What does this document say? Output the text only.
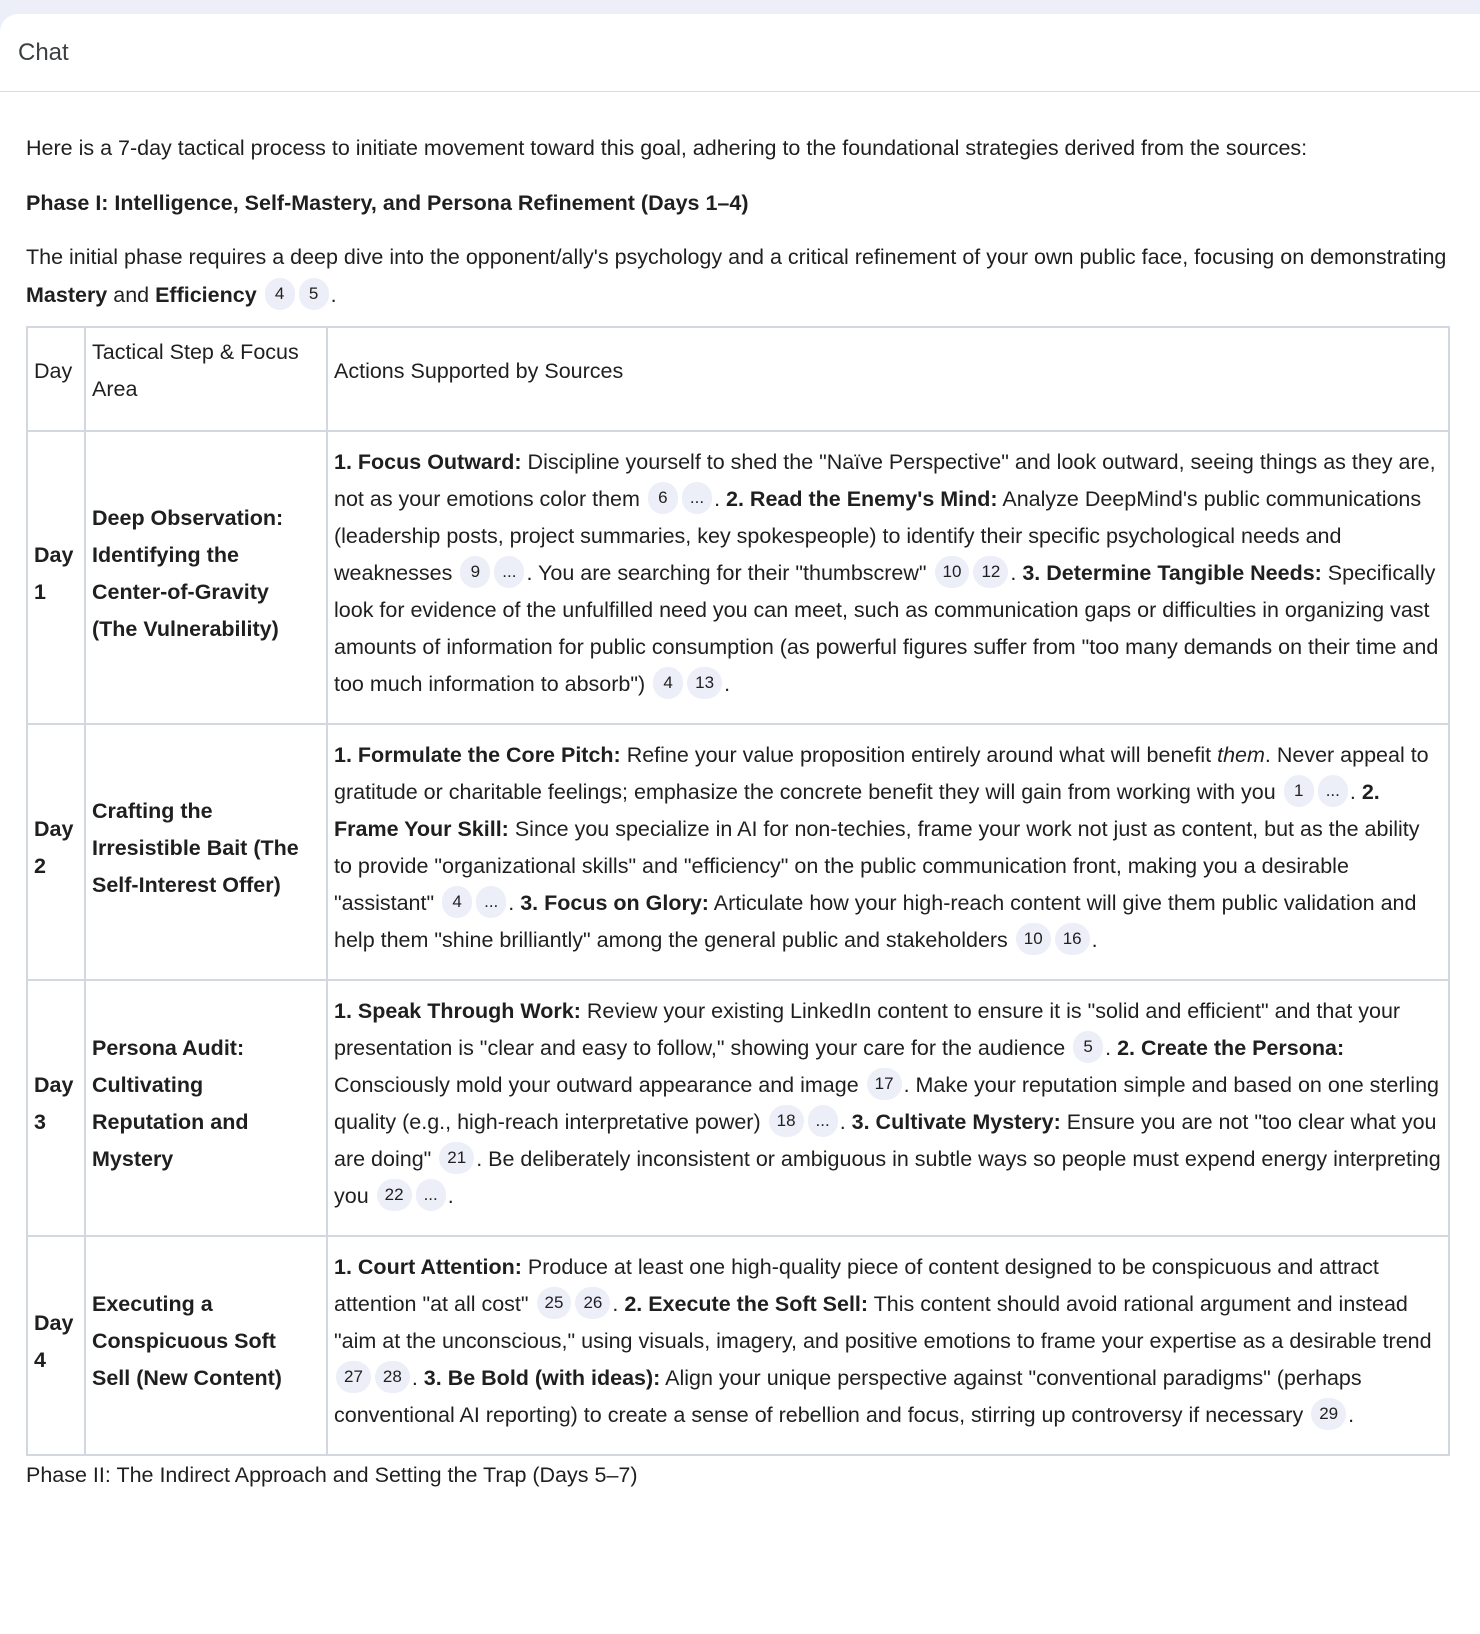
Chat

Here is a 7-day tactical process to initiate movement toward this goal, adhering to the foundational strategies derived from the sources:

Phase I: Intelligence, Self-Mastery, and Persona Refinement (Days 1–4)

The initial phase requires a deep dive into the opponent/ally's psychology and a critical refinement of your own public face, focusing on demonstrating Mastery and Efficiency 4 5 .

Day	Tactical Step & Focus Area	Actions Supported by Sources
Day 1	Deep Observation: Identifying the Center-of-Gravity (The Vulnerability)	1. Focus Outward: Discipline yourself to shed the "Naïve Perspective" and look outward, seeing things as they are, not as your emotions color them 6 ... . 2. Read the Enemy's Mind: Analyze DeepMind's public communications (leadership posts, project summaries, key spokespeople) to identify their specific psychological needs and weaknesses 9 ... . You are searching for their "thumbscrew" 10 12 . 3. Determine Tangible Needs: Specifically look for evidence of the unfulfilled need you can meet, such as communication gaps or difficulties in organizing vast amounts of information for public consumption (as powerful figures suffer from "too many demands on their time and too much information to absorb") 4 13 .
Day 2	Crafting the Irresistible Bait (The Self-Interest Offer)	1. Formulate the Core Pitch: Refine your value proposition entirely around what will benefit them. Never appeal to gratitude or charitable feelings; emphasize the concrete benefit they will gain from working with you 1 ... . 2. Frame Your Skill: Since you specialize in AI for non-techies, frame your work not just as content, but as the ability to provide "organizational skills" and "efficiency" on the public communication front, making you a desirable "assistant" 4 ... . 3. Focus on Glory: Articulate how your high-reach content will give them public validation and help them "shine brilliantly" among the general public and stakeholders 10 16 .
Day 3	Persona Audit: Cultivating Reputation and Mystery	1. Speak Through Work: Review your existing LinkedIn content to ensure it is "solid and efficient" and that your presentation is "clear and easy to follow," showing your care for the audience 5 . 2. Create the Persona: Consciously mold your outward appearance and image 17 . Make your reputation simple and based on one sterling quality (e.g., high-reach interpretative power) 18 ... . 3. Cultivate Mystery: Ensure you are not "too clear what you are doing" 21 . Be deliberately inconsistent or ambiguous in subtle ways so people must expend energy interpreting you 22 ... .
Day 4	Executing a Conspicuous Soft Sell (New Content)	1. Court Attention: Produce at least one high-quality piece of content designed to be conspicuous and attract attention "at all cost" 25 26 . 2. Execute the Soft Sell: This content should avoid rational argument and instead "aim at the unconscious," using visuals, imagery, and positive emotions to frame your expertise as a desirable trend 27 28 . 3. Be Bold (with ideas): Align your unique perspective against "conventional paradigms" (perhaps conventional AI reporting) to create a sense of rebellion and focus, stirring up controversy if necessary 29 .

Phase II: The Indirect Approach and Setting the Trap (Days 5–7)
